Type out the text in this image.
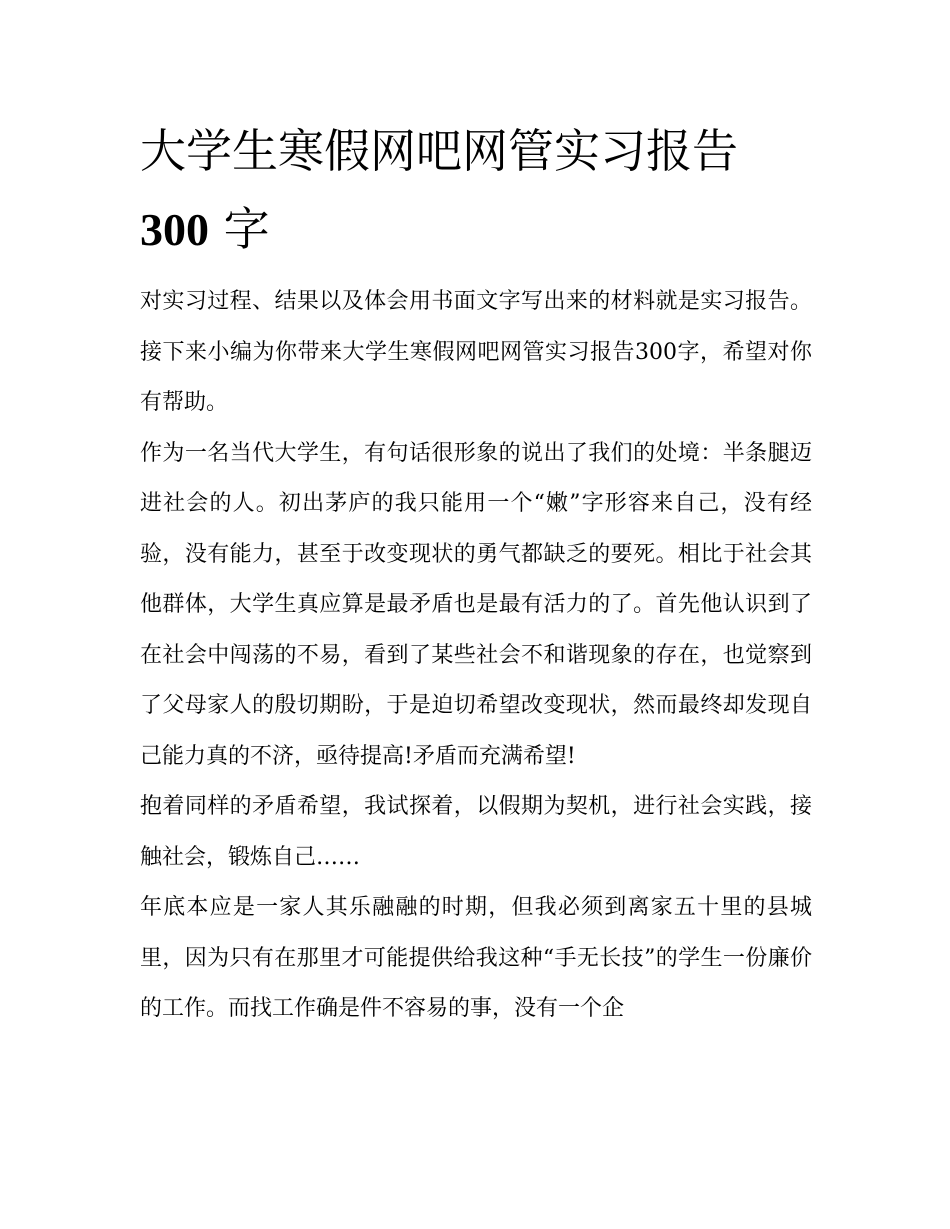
大学生寒假网吧网管实习报告
300 字

对实习过程、结果以及体会用书面文字写出来的材料就是实习报告。接下来小编为你带来大学生寒假网吧网管实习报告300字，希望对你有帮助。

作为一名当代大学生，有句话很形象的说出了我们的处境：半条腿迈进社会的人。初出茅庐的我只能用一个“嫩”字形容来自己，没有经验，没有能力，甚至于改变现状的勇气都缺乏的要死。相比于社会其他群体，大学生真应算是最矛盾也是最有活力的了。首先他认识到了在社会中闯荡的不易，看到了某些社会不和谐现象的存在，也觉察到了父母家人的殷切期盼，于是迫切希望改变现状，然而最终却发现自己能力真的不济，亟待提高!矛盾而充满希望!

抱着同样的矛盾希望，我试探着，以假期为契机，进行社会实践，接触社会，锻炼自己……

年底本应是一家人其乐融融的时期，但我必须到离家五十里的县城里，因为只有在那里才可能提供给我这种“手无长技”的学生一份廉价的工作。而找工作确是件不容易的事，没有一个企
